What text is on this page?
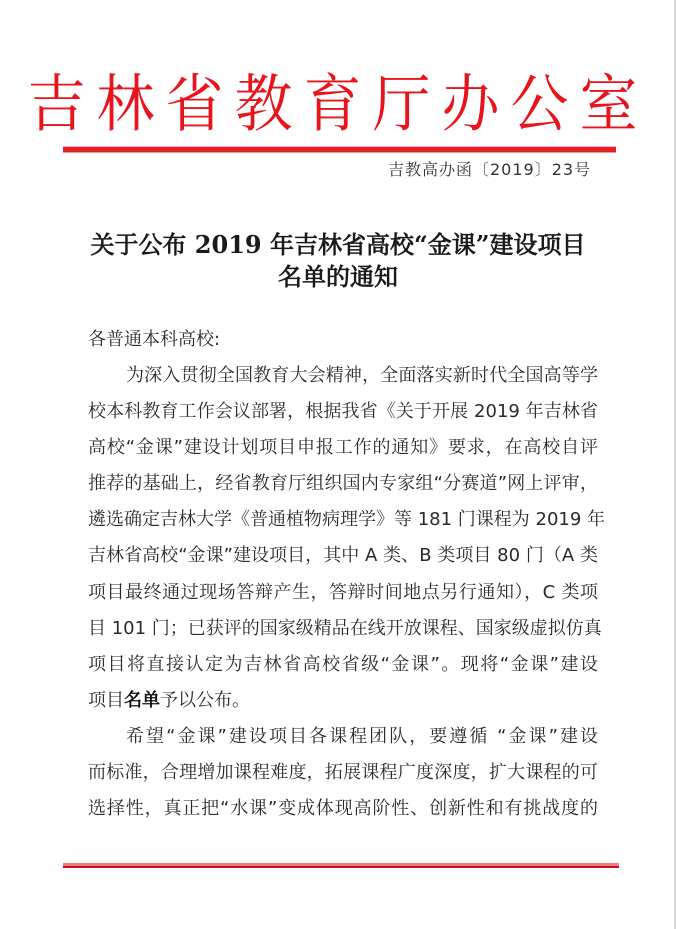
吉林省教育厅办公室
吉教高办函〔2019〕23号
关于公布 2019 年吉林省高校“金课”建设项目
名单的通知
各普通本科高校:
为深入贯彻全国教育大会精神，全面落实新时代全国高等学
校本科教育工作会议部署，根据我省《关于开展 2019 年吉林省
高校“金课”建设计划项目申报工作的通知》要求，在高校自评
推荐的基础上，经省教育厅组织国内专家组“分赛道”网上评审，
遴选确定吉林大学《普通植物病理学》等 181 门课程为 2019 年
吉林省高校“金课”建设项目，其中 A 类、B 类项目 80 门（A 类
项目最终通过现场答辩产生，答辩时间地点另行通知），C 类项
目 101 门；已获评的国家级精品在线开放课程、国家级虚拟仿真
项目将直接认定为吉林省高校省级“金课”。现将“金课”建设
项目名单予以公布。
希望“金课”建设项目各课程团队，要遵循 “金课”建设
而标准，合理增加课程难度，拓展课程广度深度，扩大课程的可
选择性，真正把“水课”变成体现高阶性、创新性和有挑战度的
